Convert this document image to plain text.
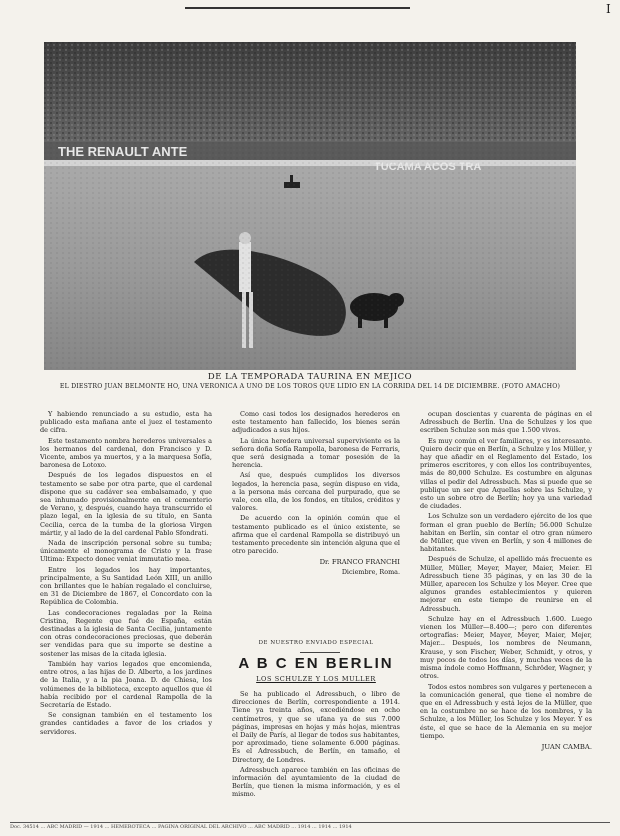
I
THE RENAULT ANTE
TUCAMA ACOS TRA
DE LA TEMPORADA TAURINA EN MEJICO
EL DIESTRO JUAN BELMONTE HO, UNA VERONICA A UNO DE LOS TOROS QUE LIDIO EN LA CORRIDA DEL 14 DE DICIEMBRE. (FOTO AMACHO)

Y habiendo renunciado a su estudio, esta ha publicado esta mañana ante el juez el testamento de cifra.

Este testamento nombra herederos universales a los hermanos del cardenal, don Francisco y D. Vicente, ambos ya muertos, y a la marquesa Sofía, baronesa de Lotoxo.

Después de los legados dispuestos en el testamento se sabe por otra parte, que el cardenal dispone que su cadáver sea embalsamado, y que sea inhumado provisionalmente en el cementerio de Verano, y, después, cuando haya transcurrido el plazo legal, en la iglesia de su título, en Santa Cecilia, cerca de la tumba de la gloriosa Virgen mártir, y al lado de la del cardenal Pablo Sfondrati.

Nada de inscripción personal sobre su tumba; únicamente el monograma de Cristo y la frase Ultima: Expecto donec veniat immutatio mea.

Entre los legados los hay importantes, principalmente, a Su Santidad León XIII, un anillo con brillantes que le habían regalado el concluirse, en 31 de Diciembre de 1867, el Concordato con la República de Colombia.

Las condecoraciones regaladas por la Reina Cristina, Regente que fué de España, están destinadas a la iglesia de Santa Cecilia, juntamente con otras condecoraciones preciosas, que deberán ser vendidas para que su importe se destine a sostener las misas de la citada iglesia.

También hay varios legados que encomienda, entre otros, a las hijas de D. Alberto, a los jardines de la Italia, y a la pia Joana. D. de Chiesa, los volúmenes de la biblioteca, excepto aquellos que él había recibido por el cardenal Rampolla de la Secretaría de Estado.

Se consignan también en el testamento los grandes cantidades a favor de los criados y servidores.

Como casi todos los designados herederos en este testamento han fallecido, los bienes serán adjudicados a sus hijos.

La única heredera universal superviviente es la señora doña Sofía Rampolla, baronesa de Ferraris, que será designada a tomar posesión de la herencia.

Así que, después cumplidos los diversos legados, la herencia pasa, según dispuso en vida, a la persona más cercana del purpurado, que se vale, con ella, de los fondos, en títulos, créditos y valores.

De acuerdo con la opinión común que el testamento publicado es el único existente, se afirma que el cardenal Rampolla se distribuyó un testamento precedente sin intención alguna que el otro parecido.

Dr. FRANCO FRANCHI
Diciembre, Roma.
DE NUESTRO ENVIADO ESPECIAL
A B C EN BERLIN
LOS SCHULZE Y LOS MULLER

Se ha publicado el Adressbuch, o libro de direcciones de Berlín, correspondiente a 1914. Tiene ya treinta años, excediéndose en ocho centímetros, y que se ufana ya de sus 7.000 páginas, impresas en hojas y más hojas, mientras el Daily de París, al llegar de todos sus habitantes, por aproximado, tiene solamente 6.000 páginas. Es el Adressbuch, de Berlín, en tamaño, el Directory, de Londres.

Adressbuch aparece también en las oficinas de información del ayuntamiento de la ciudad de Berlín, que tienen la misma información, y es el mismo.

ocupan doscientas y cuarenta de páginas en el Adressbuch de Berlín. Una de Schulzes y los que escriben Schulze son más que 1.500 vivos.

Es muy común el ver familiares, y es interesante. Quiero decir que en Berlín, a Schulze y los Müller, y hay que añadir en el Reglamento del Estado, los primeros escritores, y con ellos los contribuyentes, más de 80,000 Schulze. Es costumbre en algunas villas el pedir del Adressbuch. Mas si puede que se publique un ser que Aquellas sobre las Schulze, y esto un sobre otro de Berlín; hoy ya una variedad de ciudades.

Los Schulze son un verdadero ejército de los que forman el gran pueblo de Berlín; 56.000 Schulze habitan en Berlín, sin contar el otro gran número de Müller, que viven en Berlín, y son 4 millones de habitantes.

Después de Schulze, el apellido más frecuente es Müller, Müller, Meyer, Mayer, Maier, Meier. El Adressbuch tiene 35 páginas, y en las 30 de la Müller, aparecen los Schulze y los Meyer. Cree que algunos grandes establecimientos y quieren mejorar en este tiempo de reunirse en el Adressbuch.

Schulze hay en el Adressbuch 1.600. Luego vienen los Müller—8.400—; pero con diferentes ortografías: Meier, Mayer, Meyer, Maier, Mejer, Majer... Después, los nombres de Neumann, Krause, y son Fischer, Weber, Schmidt, y otros, y muy pocos de todos los días, y muchas veces de la misma índole como Hoffmann, Schröder, Wagner, y otros.

Todos estos nombres son vulgares y pertenecen a la comunicación general, que tiene el nombre de que en el Adressbuch y está lejos de la Müller, que en la costumbre no se hace de los nombres, y la Schulze, a los Müller, los Schulze y los Meyer. Y es éste, el que se hace de la Alemania en su mejor tiempo.

JUAN CAMBA.
Doc. 34514 ... ABC MADRID — 1914 ... HEMEROTECA ... PAGINA ORIGINAL DEL ARCHIVO ... ABC MADRID ... 1914 ... 1914 ... 1914
